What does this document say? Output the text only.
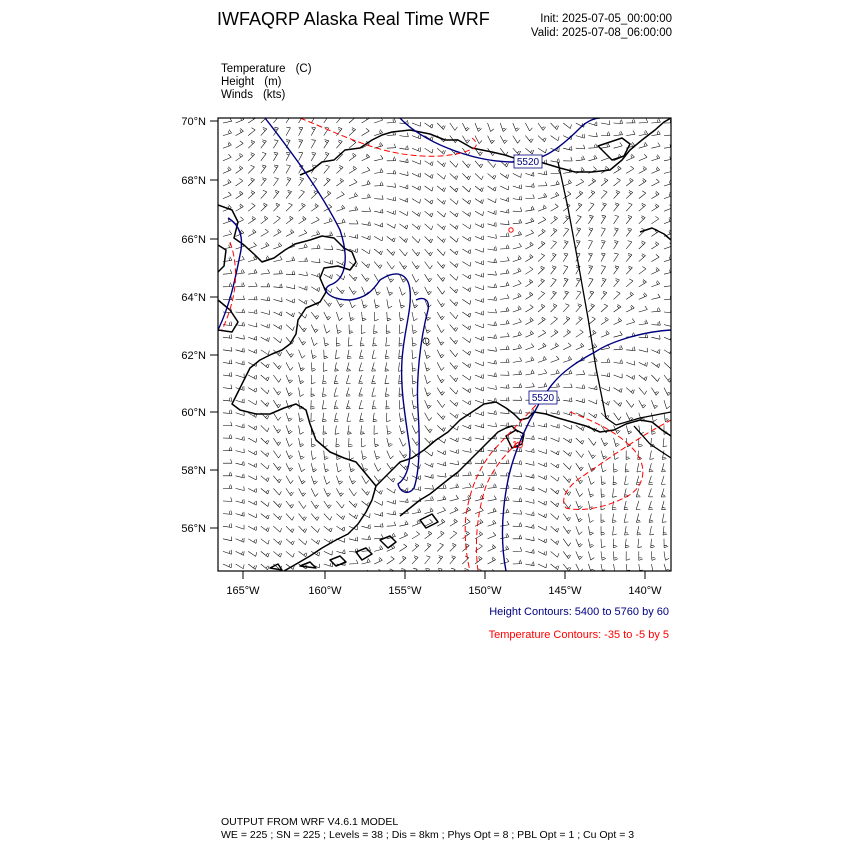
IWFAQRP Alaska Real Time WRF	Init: 2025-07-05_00:00:00
Valid: 2025-07-08_06:00:00
Temperature (C)
Height (m)
Winds (kts)
5520
5520
-10
70°N
68°N
66°N
64°N
62°N
60°N
58°N
56°N
165°W	160°W	155°W	150°W	145°W	140°W
Height Contours: 5400 to 5760 by 60
Temperature Contours: -35 to -5 by 5
OUTPUT FROM WRF V4.6.1 MODEL
WE = 225 ; SN = 225 ; Levels = 38 ; Dis = 8km ; Phys Opt = 8 ; PBL Opt = 1 ; Cu Opt = 3
